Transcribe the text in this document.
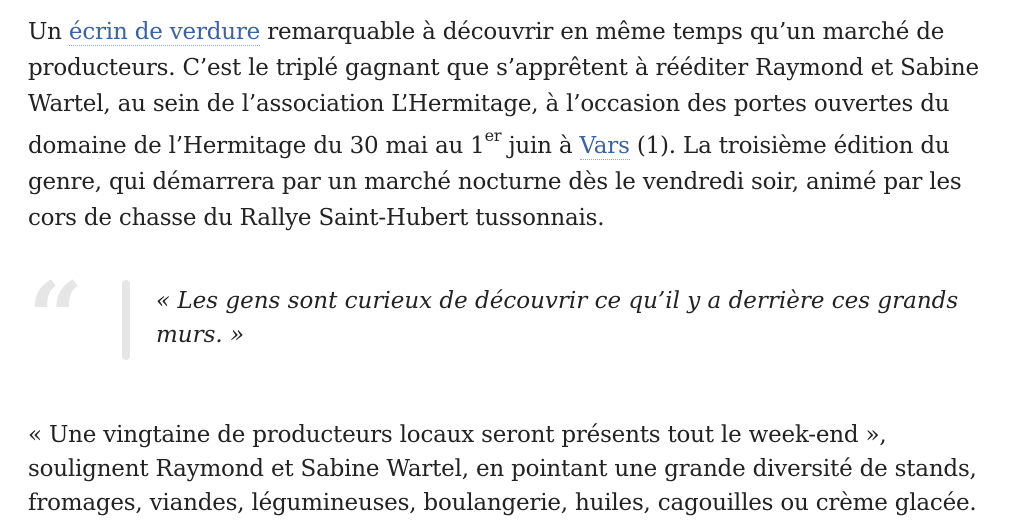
Un écrin de verdure remarquable à découvrir en même temps qu’un marché de
producteurs. C’est le triplé gagnant que s’apprêtent à rééditer Raymond et Sabine
Wartel, au sein de l’association L’Hermitage, à l’occasion des portes ouvertes du
domaine de l’Hermitage du 30 mai au 1er juin à Vars (1). La troisième édition du
genre, qui démarrera par un marché nocturne dès le vendredi soir, animé par les
cors de chasse du Rallye Saint-Hubert tussonnais.

“	« Les gens sont curieux de découvrir ce qu’il y a derrière ces grands
murs. »

« Une vingtaine de producteurs locaux seront présents tout le week-end »,
soulignent Raymond et Sabine Wartel, en pointant une grande diversité de stands,
fromages, viandes, légumineuses, boulangerie, huiles, cagouilles ou crème glacée.
